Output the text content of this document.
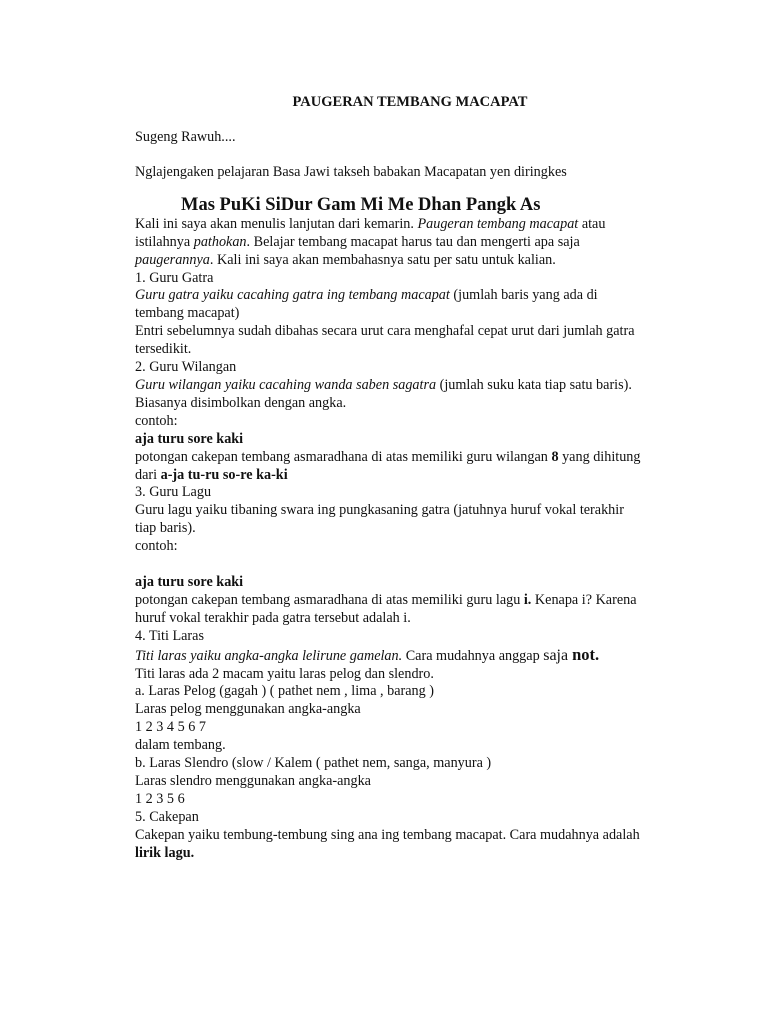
PAUGERAN TEMBANG MACAPAT

Sugeng Rawuh....

Nglajengaken pelajaran Basa Jawi takseh babakan Macapatan yen diringkes

Mas PuKi SiDur Gam Mi Me Dhan Pangk As

Kali ini saya akan menulis lanjutan dari kemarin. Paugeran tembang macapat atau

istilahnya pathokan. Belajar tembang macapat harus tau dan mengerti apa saja

paugerannya. Kali ini saya akan membahasnya satu per satu untuk kalian.

1. Guru Gatra

Guru gatra yaiku cacahing gatra ing tembang macapat (jumlah baris yang ada di

tembang macapat)

Entri sebelumnya sudah dibahas secara urut cara menghafal cepat urut dari jumlah gatra

tersedikit.

2. Guru Wilangan

Guru wilangan yaiku cacahing wanda saben sagatra (jumlah suku kata tiap satu baris).

Biasanya disimbolkan dengan angka.

contoh:

aja turu sore kaki

potongan cakepan tembang asmaradhana di atas memiliki guru wilangan 8 yang dihitung

dari a-ja tu-ru so-re ka-ki

3. Guru Lagu

Guru lagu yaiku tibaning swara ing pungkasaning gatra (jatuhnya huruf vokal terakhir

tiap baris).

contoh:

aja turu sore kaki

potongan cakepan tembang asmaradhana di atas memiliki guru lagu i. Kenapa i? Karena

huruf vokal terakhir pada gatra tersebut adalah i.

4. Titi Laras

Titi laras yaiku angka-angka lelirune gamelan. Cara mudahnya anggap saja not.

Titi laras ada 2 macam yaitu laras pelog dan slendro.

a. Laras Pelog (gagah ) ( pathet nem , lima , barang )

Laras pelog menggunakan angka-angka

1 2 3 4 5 6 7

dalam tembang.

b. Laras Slendro (slow / Kalem ( pathet nem, sanga, manyura )

Laras slendro menggunakan angka-angka

1 2 3 5 6

5. Cakepan

Cakepan yaiku tembung-tembung sing ana ing tembang macapat. Cara mudahnya adalah

lirik lagu.
